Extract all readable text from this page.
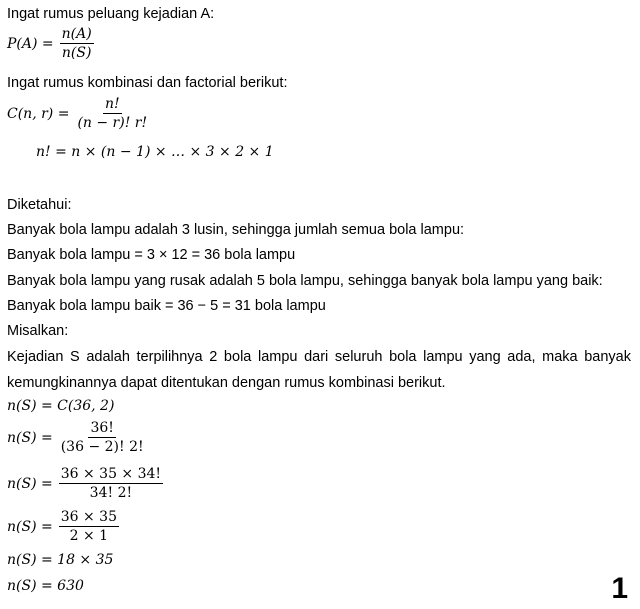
Ingat rumus peluang kejadian A:
$P(A) = \frac{n(A)}{n(S)}$
Ingat rumus kombinasi dan factorial berikut:
C(n, $r) = \frac{n!}{(n - r)! r!}$
n! = n × (n − 1) × … × 3 × 2 × 1
Diketahui:
Banyak bola lampu adalah 3 lusin, sehingga jumlah semua bola lampu:
Banyak bola lampu = 3 × 12 = 36 bola lampu
Banyak bola lampu yang rusak adalah 5 bola lampu, sehingga banyak bola lampu yang baik:
Banyak bola lampu baik = 36 − 5 = 31 bola lampu
Misalkan:
Kejadian S adalah terpilihnya 2 bola lampu dari seluruh bola lampu yang ada, maka banyak
kemungkinannya dapat ditentukan dengan rumus kombinasi berikut.
n(S) = C(36, 2)
$n(S) = \frac{36!}{(36 - 2)! 2!}$
$n(S) = \frac{36 \times 35 \times 34!}{34! 2!}$
$n(S) = \frac{36 \times 35}{2 \times 1}$
n(S) = 18 × 35
n(S) = 630	1
